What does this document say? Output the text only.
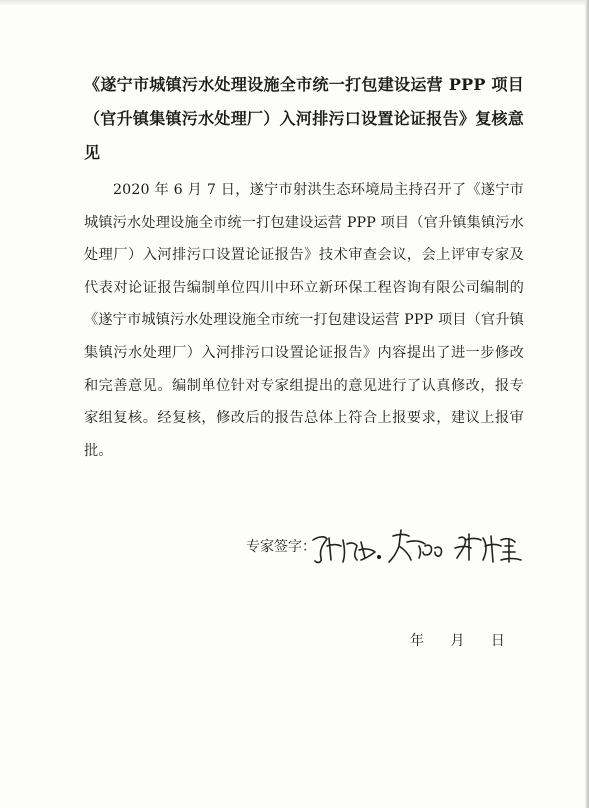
《遂宁市城镇污水处理设施全市统一打包建设运营 PPP 项目（官升镇集镇污水处理厂）入河排污口设置论证报告》复核意见

2020 年 6 月 7 日，遂宁市射洪生态环境局主持召开了《遂宁市城镇污水处理设施全市统一打包建设运营 PPP 项目（官升镇集镇污水处理厂）入河排污口设置论证报告》技术审查会议，会上评审专家及代表对论证报告编制单位四川中环立新环保工程咨询有限公司编制的《遂宁市城镇污水处理设施全市统一打包建设运营 PPP 项目（官升镇集镇污水处理厂）入河排污口设置论证报告》内容提出了进一步修改和完善意见。编制单位针对专家组提出的意见进行了认真修改，报专家组复核。经复核，修改后的报告总体上符合上报要求，建议上报审批。

专家签字：
年 月 日
